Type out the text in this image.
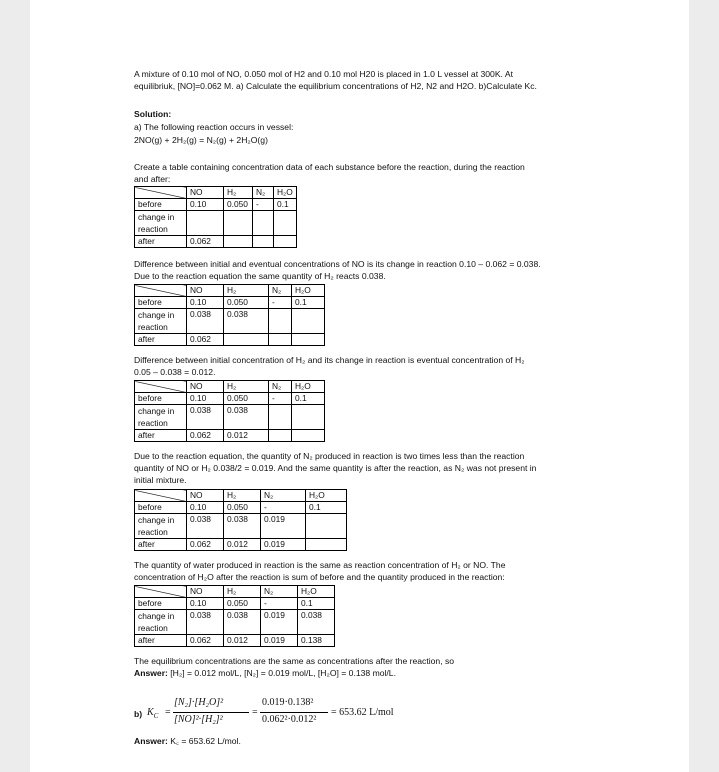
A mixture of 0.10 mol of NO, 0.050 mol of H2 and 0.10 mol H20 is placed in 1.0 L vessel at 300K. At
equilibriuk, [NO]=0.062 M. a) Calculate the equilibrium concentrations of H2, N2 and H2O. b)Calculate Kc.
Solution:
a) The following reaction occurs in vessel:
2NO(g) + 2H₂(g) = N₂(g) + 2H₂O(g)
Create a table containing concentration data of each substance before the reaction, during the reaction
and after:
	NO	H₂	N₂	H₂O
before	0.10	0.050	-	0.1
change in
reaction				
after	0.062			
Difference between initial and eventual concentrations of NO is its change in reaction 0.10 – 0.062 = 0.038.
Due to the reaction equation the same quantity of H₂ reacts 0.038.
	NO	H₂	N₂	H₂O
before	0.10	0.050	-	0.1
change in
reaction	0.038	0.038		
after	0.062			
Difference between initial concentration of H₂ and its change in reaction is eventual concentration of H₂
0.05 – 0.038 = 0.012.
	NO	H₂	N₂	H₂O
before	0.10	0.050	-	0.1
change in
reaction	0.038	0.038		
after	0.062	0.012		
Due to the reaction equation, the quantity of N₂ produced in reaction is two times less than the reaction
quantity of NO or H₂ 0.038/2 = 0.019. And the same quantity is after the reaction, as N₂ was not present in
initial mixture.
	NO	H₂	N₂	H₂O
before	0.10	0.050	-	0.1
change in
reaction	0.038	0.038	0.019	
after	0.062	0.012	0.019	
The quantity of water produced in reaction is the same as reaction concentration of H₂ or NO. The
concentration of H₂O after the reaction is sum of before and the quantity produced in the reaction:
	NO	H₂	N₂	H₂O
before	0.10	0.050	-	0.1
change in
reaction	0.038	0.038	0.019	0.038
after	0.062	0.012	0.019	0.138
The equilibrium concentrations are the same as concentrations after the reaction, so
Answer: [H₂] = 0.012 mol/L, [N₂] = 0.019 mol/L, [H₂O] = 0.138 mol/L.
b) $K_C$ =
[N₂]·[H₂O]²
[NO]²·[H₂]²
=
0.019·0.138²
0.062²·0.012²
= 653.62 L/mol
Answer: K꜀ = 653.62 L/mol.
